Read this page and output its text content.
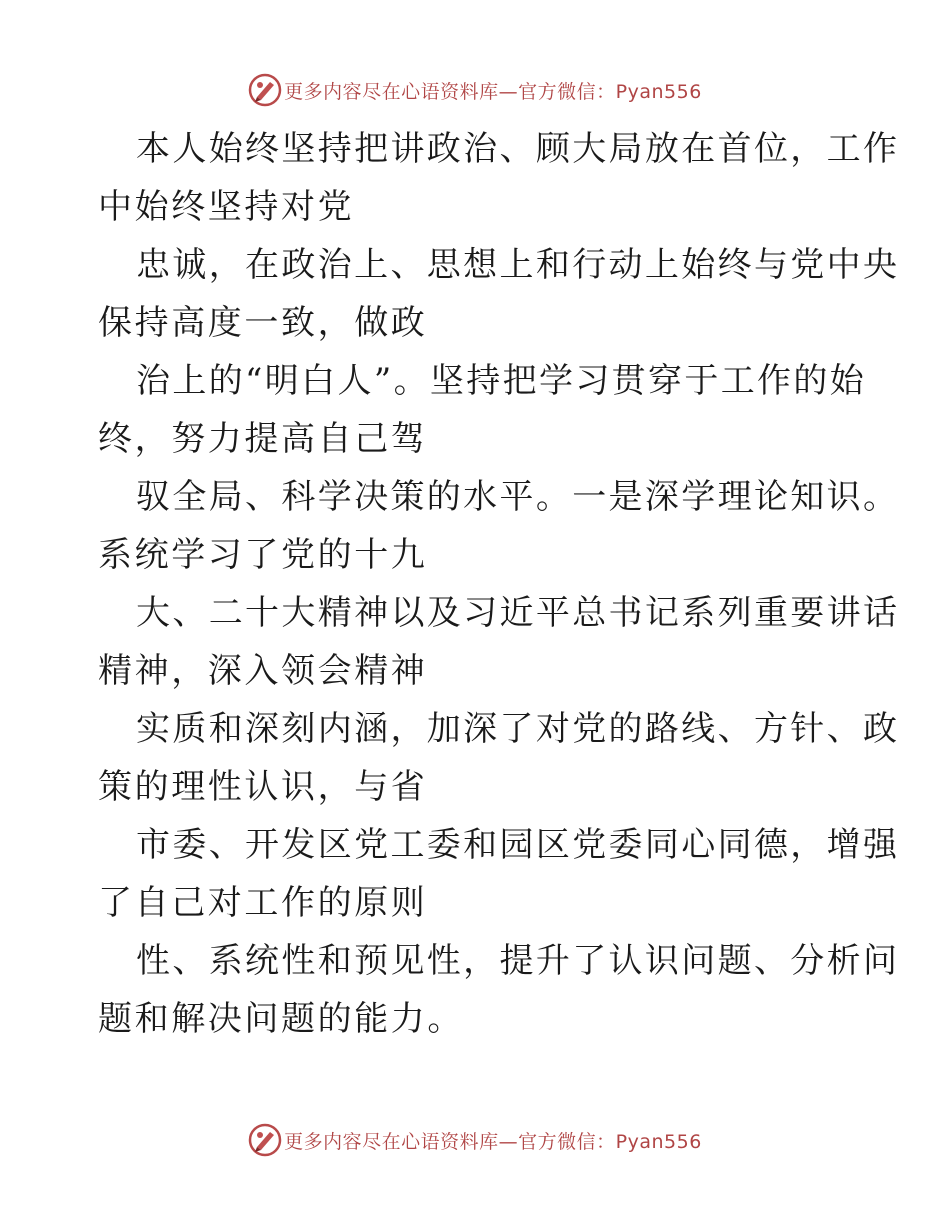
更多内容尽在心语资料库—官方微信：Pyan556
本人始终坚持把讲政治、顾大局放在首位，工作
中始终坚持对党
忠诚，在政治上、思想上和行动上始终与党中央
保持高度一致，做政
治上的“明白人”。坚持把学习贯穿于工作的始
终，努力提高自己驾
驭全局、科学决策的水平。一是深学理论知识。
系统学习了党的十九
大、二十大精神以及习近平总书记系列重要讲话
精神，深入领会精神
实质和深刻内涵，加深了对党的路线、方针、政
策的理性认识，与省
市委、开发区党工委和园区党委同心同德，增强
了自己对工作的原则
性、系统性和预见性，提升了认识问题、分析问
题和解决问题的能力。
更多内容尽在心语资料库—官方微信：Pyan556
